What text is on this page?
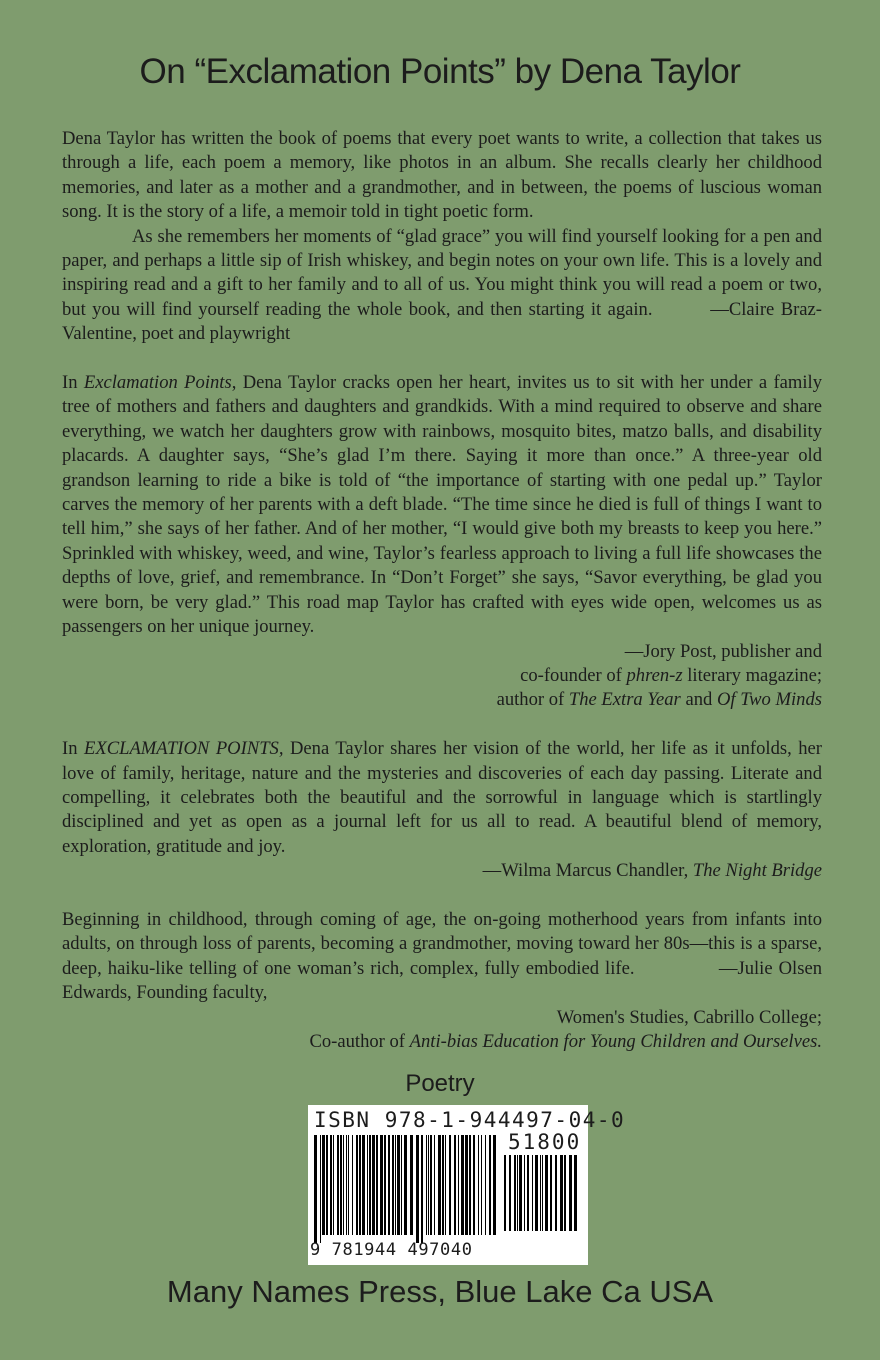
On “Exclamation Points” by Dena Taylor

Dena Taylor has written the book of poems that every poet wants to write, a collection that takes us through a life, each poem a memory, like photos in an album. She recalls clearly her childhood memories, and later as a mother and a grandmother, and in between, the poems of luscious woman song. It is the story of a life, a memoir told in tight poetic form.

As she remembers her moments of “glad grace” you will find yourself looking for a pen and paper, and perhaps a little sip of Irish whiskey, and begin notes on your own life. This is a lovely and inspiring read and a gift to her family and to all of us. You might think you will read a poem or two, but you will find yourself reading the whole book, and then starting it again.	—Claire Braz-Valentine, poet and playwright

In Exclamation Points, Dena Taylor cracks open her heart, invites us to sit with her under a family tree of mothers and fathers and daughters and grandkids. With a mind required to observe and share everything, we watch her daughters grow with rainbows, mosquito bites, matzo balls, and disability placards. A daughter says, “She’s glad I’m there. Saying it more than once.” A three-year old grandson learning to ride a bike is told of “the importance of starting with one pedal up.” Taylor carves the memory of her parents with a deft blade. “The time since he died is full of things I want to tell him,” she says of her father. And of her mother, “I would give both my breasts to keep you here.” Sprinkled with whiskey, weed, and wine, Taylor’s fearless approach to living a full life showcases the depths of love, grief, and remembrance. In “Don’t Forget” she says, “Savor everything, be glad you were born, be very glad.” This road map Taylor has crafted with eyes wide open, welcomes us as passengers on her unique journey.

—Jory Post, publisher and
co-founder of phren-z literary magazine;
author of The Extra Year and Of Two Minds

In EXCLAMATION POINTS, Dena Taylor shares her vision of the world, her life as it unfolds, her love of family, heritage, nature and the mysteries and discoveries of each day passing. Literate and compelling, it celebrates both the beautiful and the sorrowful in language which is startlingly disciplined and yet as open as a journal left for us all to read. A beautiful blend of memory, exploration, gratitude and joy.

—Wilma Marcus Chandler, The Night Bridge

Beginning in childhood, through coming of age, the on-going motherhood years from infants into adults, on through loss of parents, becoming a grandmother, moving toward her 80s—this is a sparse, deep, haiku-like telling of one woman’s rich, complex, fully embodied life.	—Julie Olsen Edwards, Founding faculty,

Women's Studies, Cabrillo College;
Co-author of Anti-bias Education for Young Children and Ourselves.
Poetry
ISBN 978-1-944497-04-0
51800
9 781944 497040
Many Names Press, Blue Lake Ca USA
